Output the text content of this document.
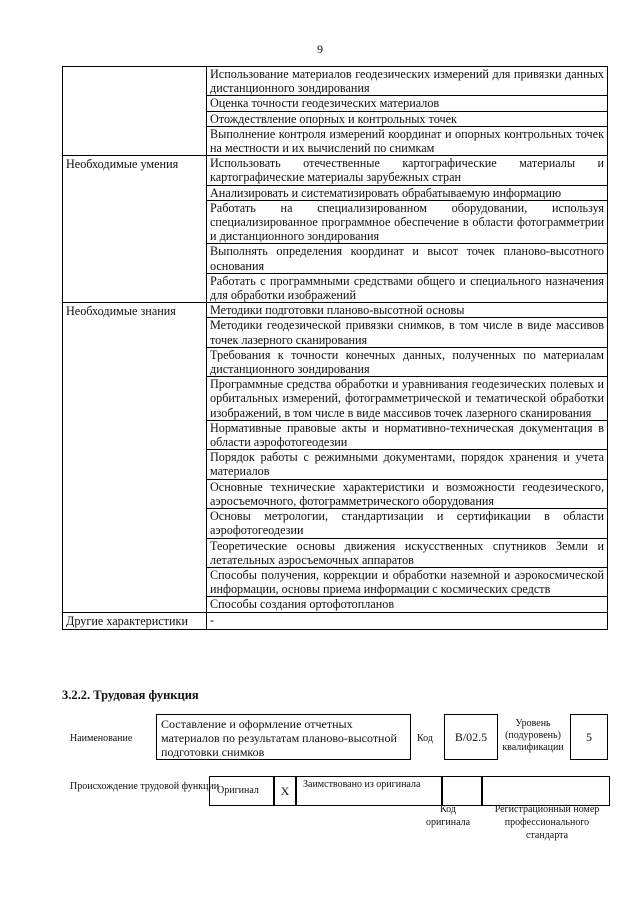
9
	Использование материалов геодезических измерений для привязки данных дистанционного зондирования
	Оценка точности геодезических материалов
	Отождествление опорных и контрольных точек
	Выполнение контроля измерений координат и опорных контрольных точек на местности и их вычислений по снимкам
Необходимые умения	Использовать отечественные картографические материалы и картографические материалы зарубежных стран
	Анализировать и систематизировать обрабатываемую информацию
	Работать на специализированном оборудовании, используя специализированное программное обеспечение в области фотограмметрии и дистанционного зондирования
	Выполнять определения координат и высот точек планово-высотного основания
	Работать с программными средствами общего и специального назначения для обработки изображений
Необходимые знания	Методики подготовки планово-высотной основы
	Методики геодезической привязки снимков, в том числе в виде массивов точек лазерного сканирования
	Требования к точности конечных данных, полученных по материалам дистанционного зондирования
	Программные средства обработки и уравнивания геодезических полевых и орбитальных измерений, фотограмметрической и тематической обработки изображений, в том числе в виде массивов точек лазерного сканирования
	Нормативные правовые акты и нормативно-техническая документация в области аэрофотогеодезии
	Порядок работы с режимными документами, порядок хранения и учета материалов
	Основные технические характеристики и возможности геодезического, аэросъемочного, фотограмметрического оборудования
	Основы метрологии, стандартизации и сертификации в области аэрофотогеодезии
	Теоретические основы движения искусственных спутников Земли и летательных аэросъемочных аппаратов
	Способы получения, коррекции и обработки наземной и аэрокосмической информации, основы приема информации с космических средств
	Способы создания ортофотопланов
Другие характеристики	-
3.2.2. Трудовая функция
Наименование
Составление и оформление отчетных материалов по результатам планово-высотной подготовки снимков
Код	B/02.5
Уровень (подуровень) квалификации
5
Происхождение трудовой функции
Оригинал	X	Заимствовано из оригинала
Код оригинала
Регистрационный номер профессионального стандарта
